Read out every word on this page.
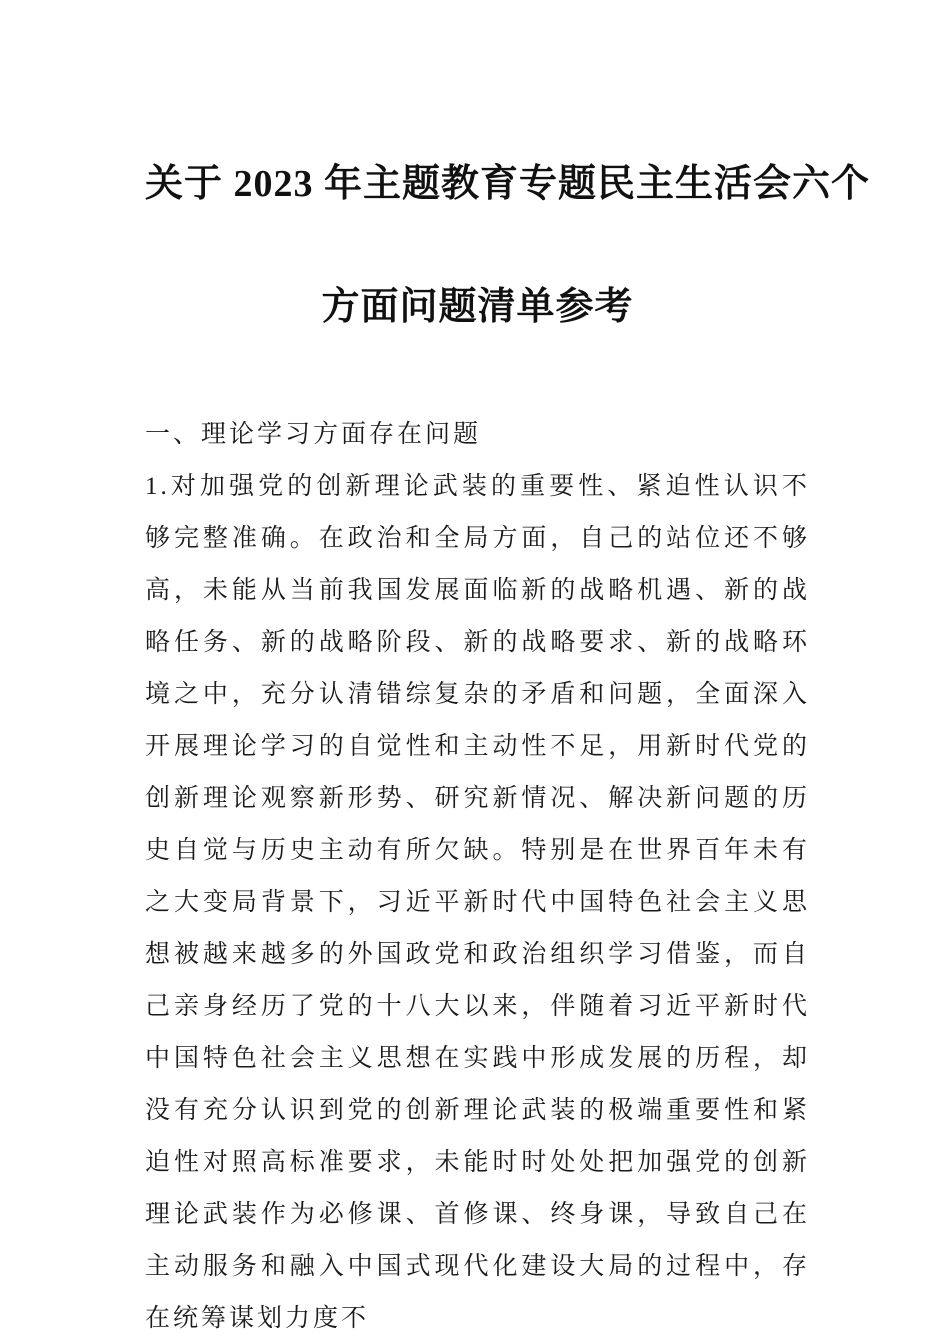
关于 2023 年主题教育专题民主生活会六个
方面问题清单参考

一、理论学习方面存在问题

1.对加强党的创新理论武装的重要性、紧迫性认识不够完整准确。在政治和全局方面，自己的站位还不够高，未能从当前我国发展面临新的战略机遇、新的战略任务、新的战略阶段、新的战略要求、新的战略环境之中，充分认清错综复杂的矛盾和问题，全面深入开展理论学习的自觉性和主动性不足，用新时代党的创新理论观察新形势、研究新情况、解决新问题的历史自觉与历史主动有所欠缺。特别是在世界百年未有之大变局背景下，习近平新时代中国特色社会主义思想被越来越多的外国政党和政治组织学习借鉴，而自己亲身经历了党的十八大以来，伴随着习近平新时代中国特色社会主义思想在实践中形成发展的历程，却没有充分认识到党的创新理论武装的极端重要性和紧迫性对照高标准要求，未能时时处处把加强党的创新理论武装作为必修课、首修课、终身课，导致自己在主动服务和融入中国式现代化建设大局的过程中，存在统筹谋划力度不
